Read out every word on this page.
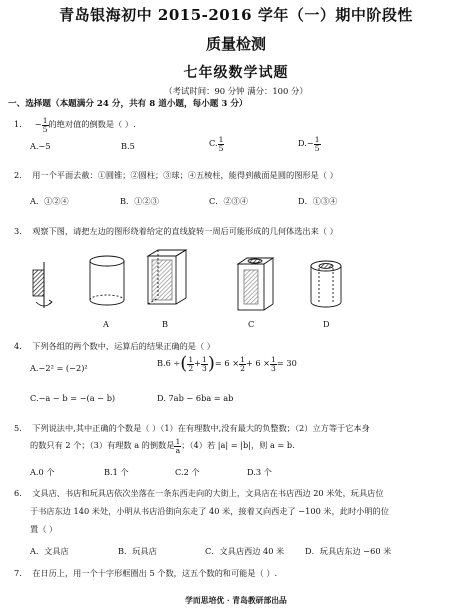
青岛银海初中 2015-2016 学年（一）期中阶段性
质量检测
七年级数学试题
（考试时间：90 分钟 满分：100 分）
一、选择题（本题满分 24 分，共有 8 道小题，每小题 3 分）
1. − $\frac{1}{5}$ 的绝对值的倒数是（ ）.
A.−5	B.5	C. $\frac{1}{5}$	$D.- \frac{1}{5}$
2. 用一个平面去截：①圆锥；②圆柱；③球；④五棱柱，能得到截面是圆的图形是（ ）
A．①②④	B．①②③	C．②③④	D．①③④
3. 观察下图，请把左边的图形绕着给定的直线旋转一周后可能形成的几何体选出来（ ）
A	B	C	D
4. 下列各组的两个数中，运算后的结果正确的是（ ）
A.−2² = (−2)²	B.6 ÷( $\frac{1}{2} + \frac{1}{3}$ )= $6 \times \frac{1}{2} + 6 \times \frac{1}{3} = 30$
C.−a − b = −(a − b)	D. 7ab − 6ba = ab
5. 下列说法中,其中正确的个数是（ ）（1）在有理数中,没有最大的负整数；（2）立方等于它本身
的数只有 2 个；（3）有理数 a 的倒数是 $\frac{1}{a}$ ；（4）若 |a| = |b|，则 a = b.
A.0 个	B.1 个	C.2 个	D.3 个
6. 文具店、书店和玩具店依次坐落在一条东西走向的大街上，文具店在书店西边 20 米处，玩具店位
于书店东边 140 米处，小明从书店沿街向东走了 40 米，接着又向西走了 −100 米，此时小明的位
置（ ）
A．文具店	B．玩具店	C．文具店西边 40 米	D．玩具店东边 −60 米
7. 在日历上，用一个十字形框圈出 5 个数，这五个数的和可能是（ ）.
学而思培优 · 青岛教研部出品
